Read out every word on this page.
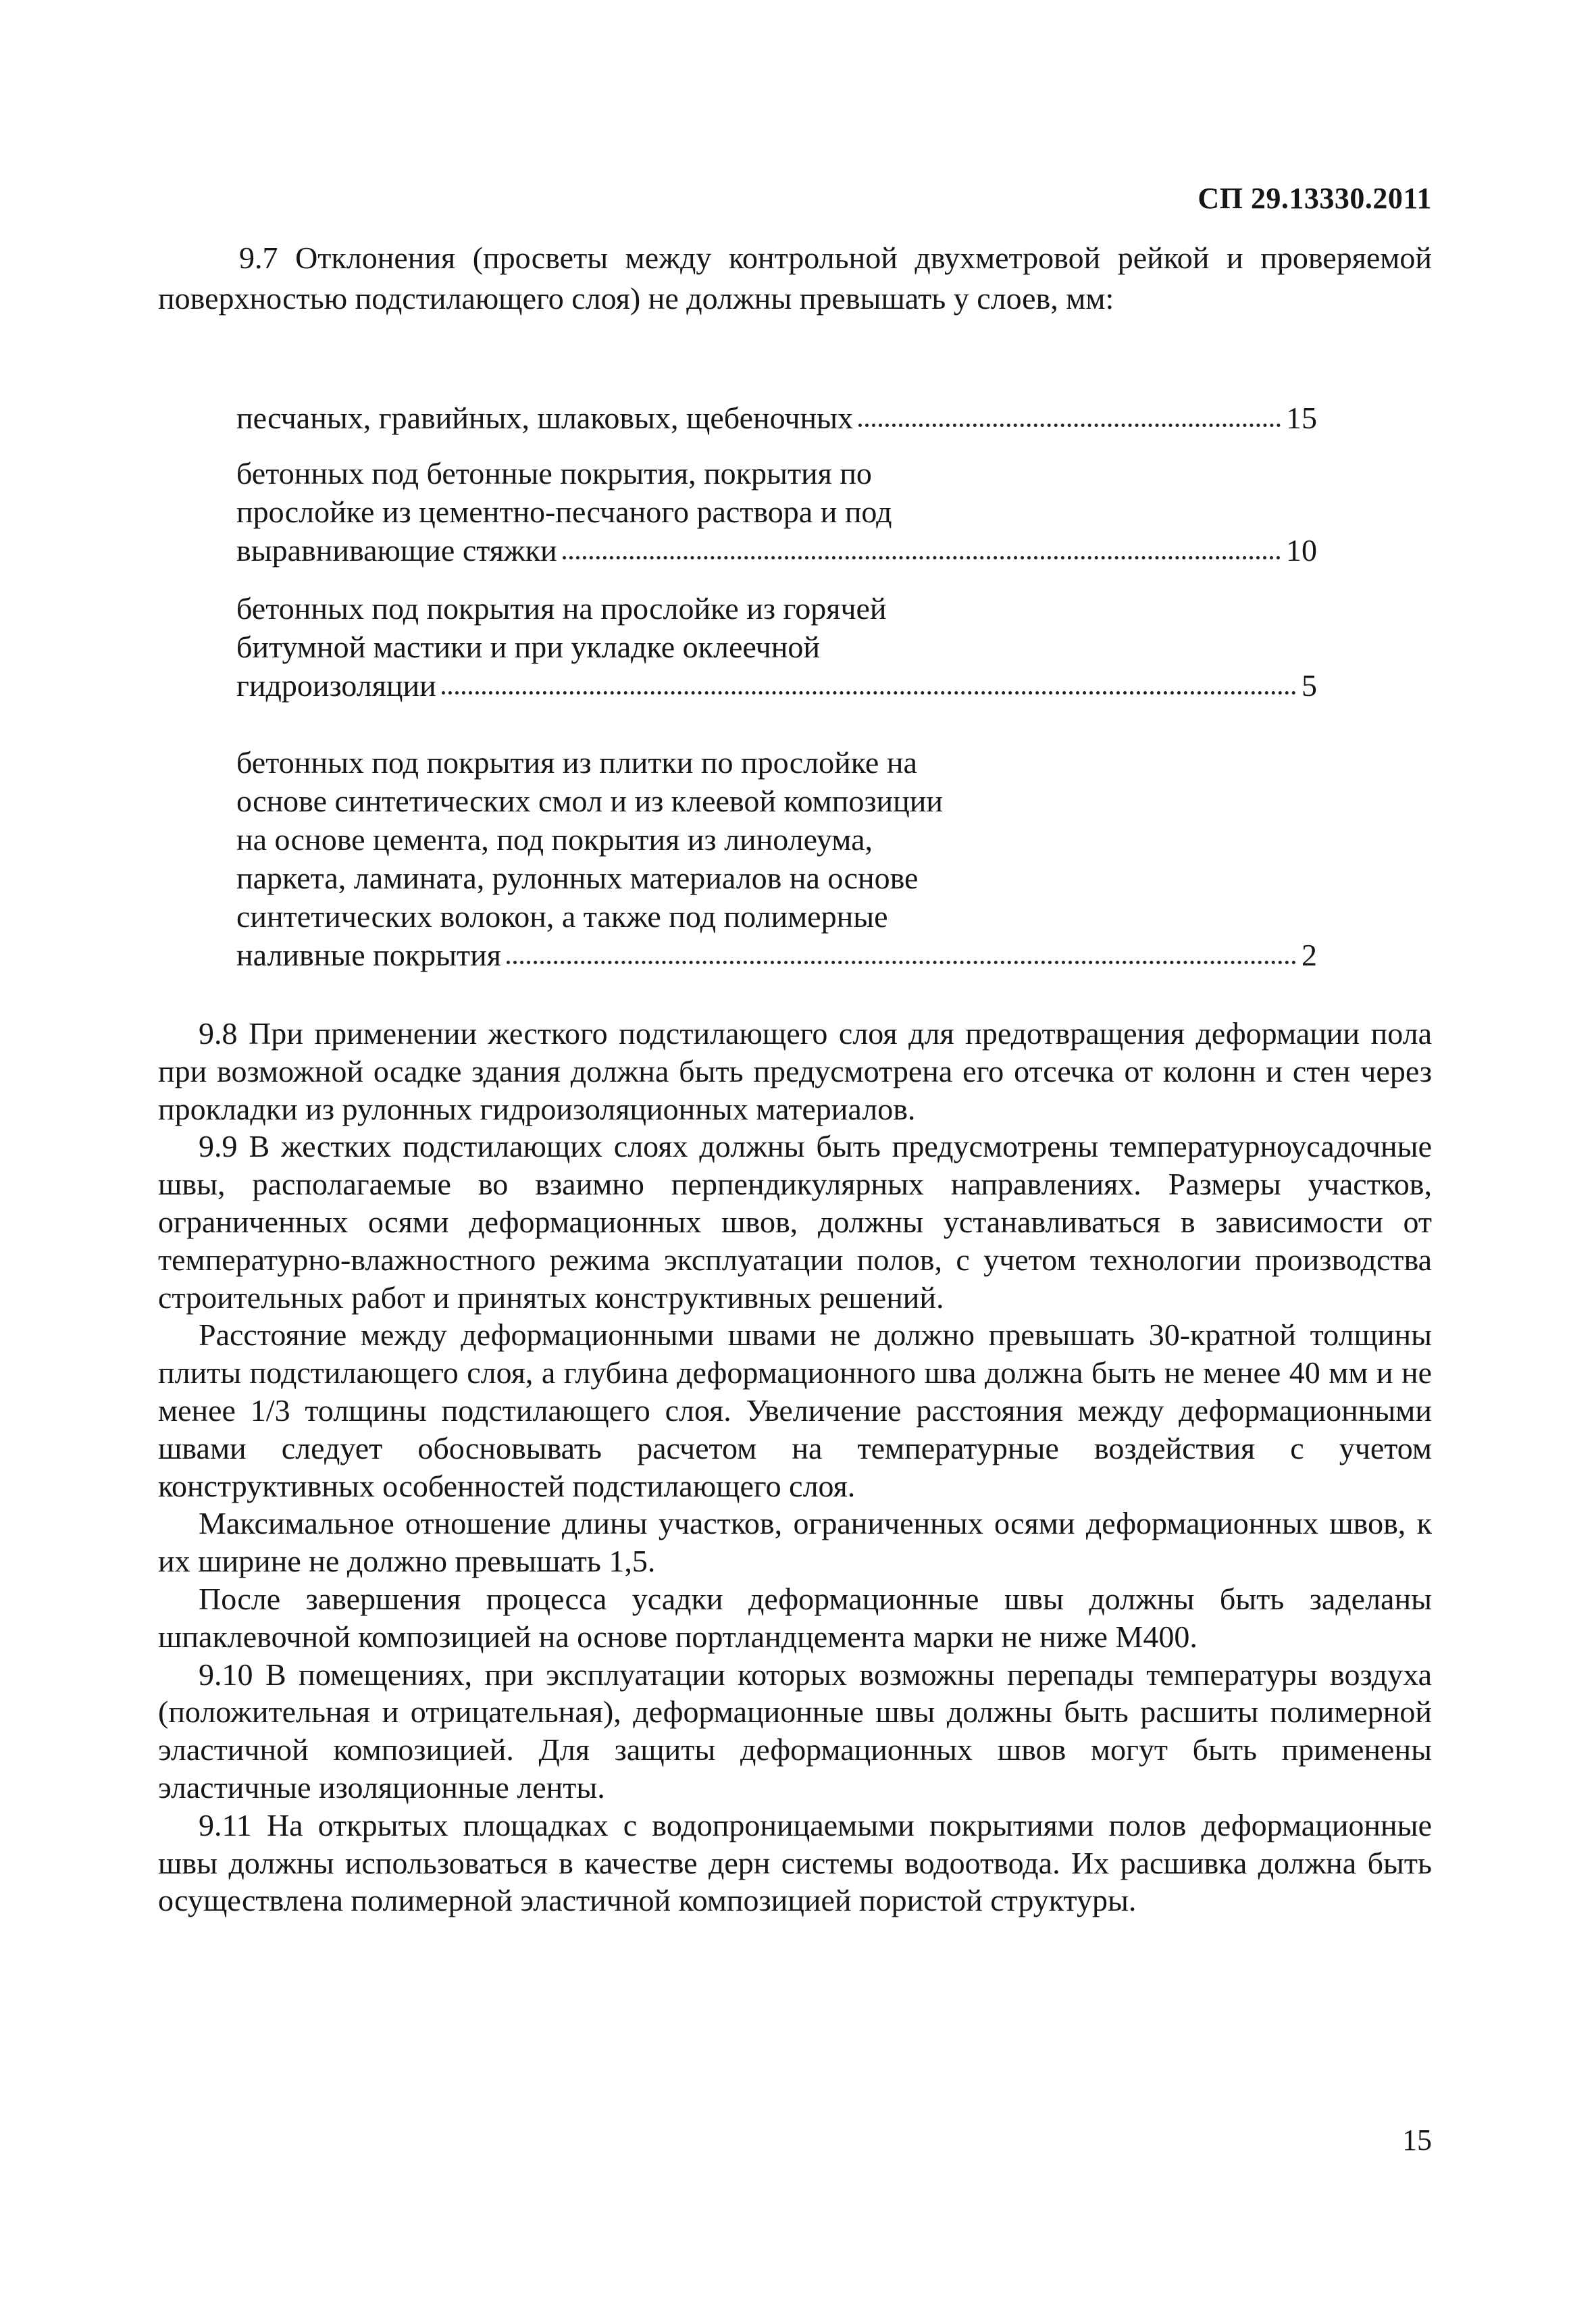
СП 29.13330.2011

9.7 Отклонения (просветы между контрольной двухметровой рейкой и проверяемой поверхностью подстилающего слоя) не должны превышать у слоев, мм:

песчаных, гравийных, шлаковых, щебеночных	15
бетонных под бетонные покрытия, покрытия по
прослойке из цементно-песчаного раствора и под
выравнивающие стяжки	10
бетонных под покрытия на прослойке из горячей
битумной мастики и при укладке оклеечной
гидроизоляции	5
бетонных под покрытия из плитки по прослойке на
основе синтетических смол и из клеевой композиции
на основе цемента, под покрытия из линолеума,
паркета, ламината, рулонных материалов на основе
синтетических волокон, а также под полимерные
наливные покрытия	2

9.8 При применении жесткого подстилающего слоя для предотвращения деформации пола при возможной осадке здания должна быть предусмотрена его отсечка от колонн и стен через прокладки из рулонных гидроизоляционных материалов.

9.9 В жестких подстилающих слоях должны быть предусмотрены температурноусадочные швы, располагаемые во взаимно перпендикулярных направлениях. Размеры участков, ограниченных осями деформационных швов, должны устанавливаться в зависимости от температурно-влажностного режима эксплуатации полов, с учетом технологии производства строительных работ и принятых конструктивных решений.

Расстояние между деформационными швами не должно превышать 30-кратной толщины плиты подстилающего слоя, а глубина деформационного шва должна быть не менее 40 мм и не менее 1/3 толщины подстилающего слоя. Увеличение расстояния между деформационными швами следует обосновывать расчетом на температурные воздействия с учетом конструктивных особенностей подстилающего слоя.

Максимальное отношение длины участков, ограниченных осями деформационных швов, к их ширине не должно превышать 1,5.

После завершения процесса усадки деформационные швы должны быть заделаны шпаклевочной композицией на основе портландцемента марки не ниже М400.

9.10 В помещениях, при эксплуатации которых возможны перепады температуры воздуха (положительная и отрицательная), деформационные швы должны быть расшиты полимерной эластичной композицией. Для защиты деформационных швов могут быть применены эластичные изоляционные ленты.

9.11 На открытых площадках с водопроницаемыми покрытиями полов деформационные швы должны использоваться в качестве дерн системы водоотвода. Их расшивка должна быть осуществлена полимерной эластичной композицией пористой структуры.

15
